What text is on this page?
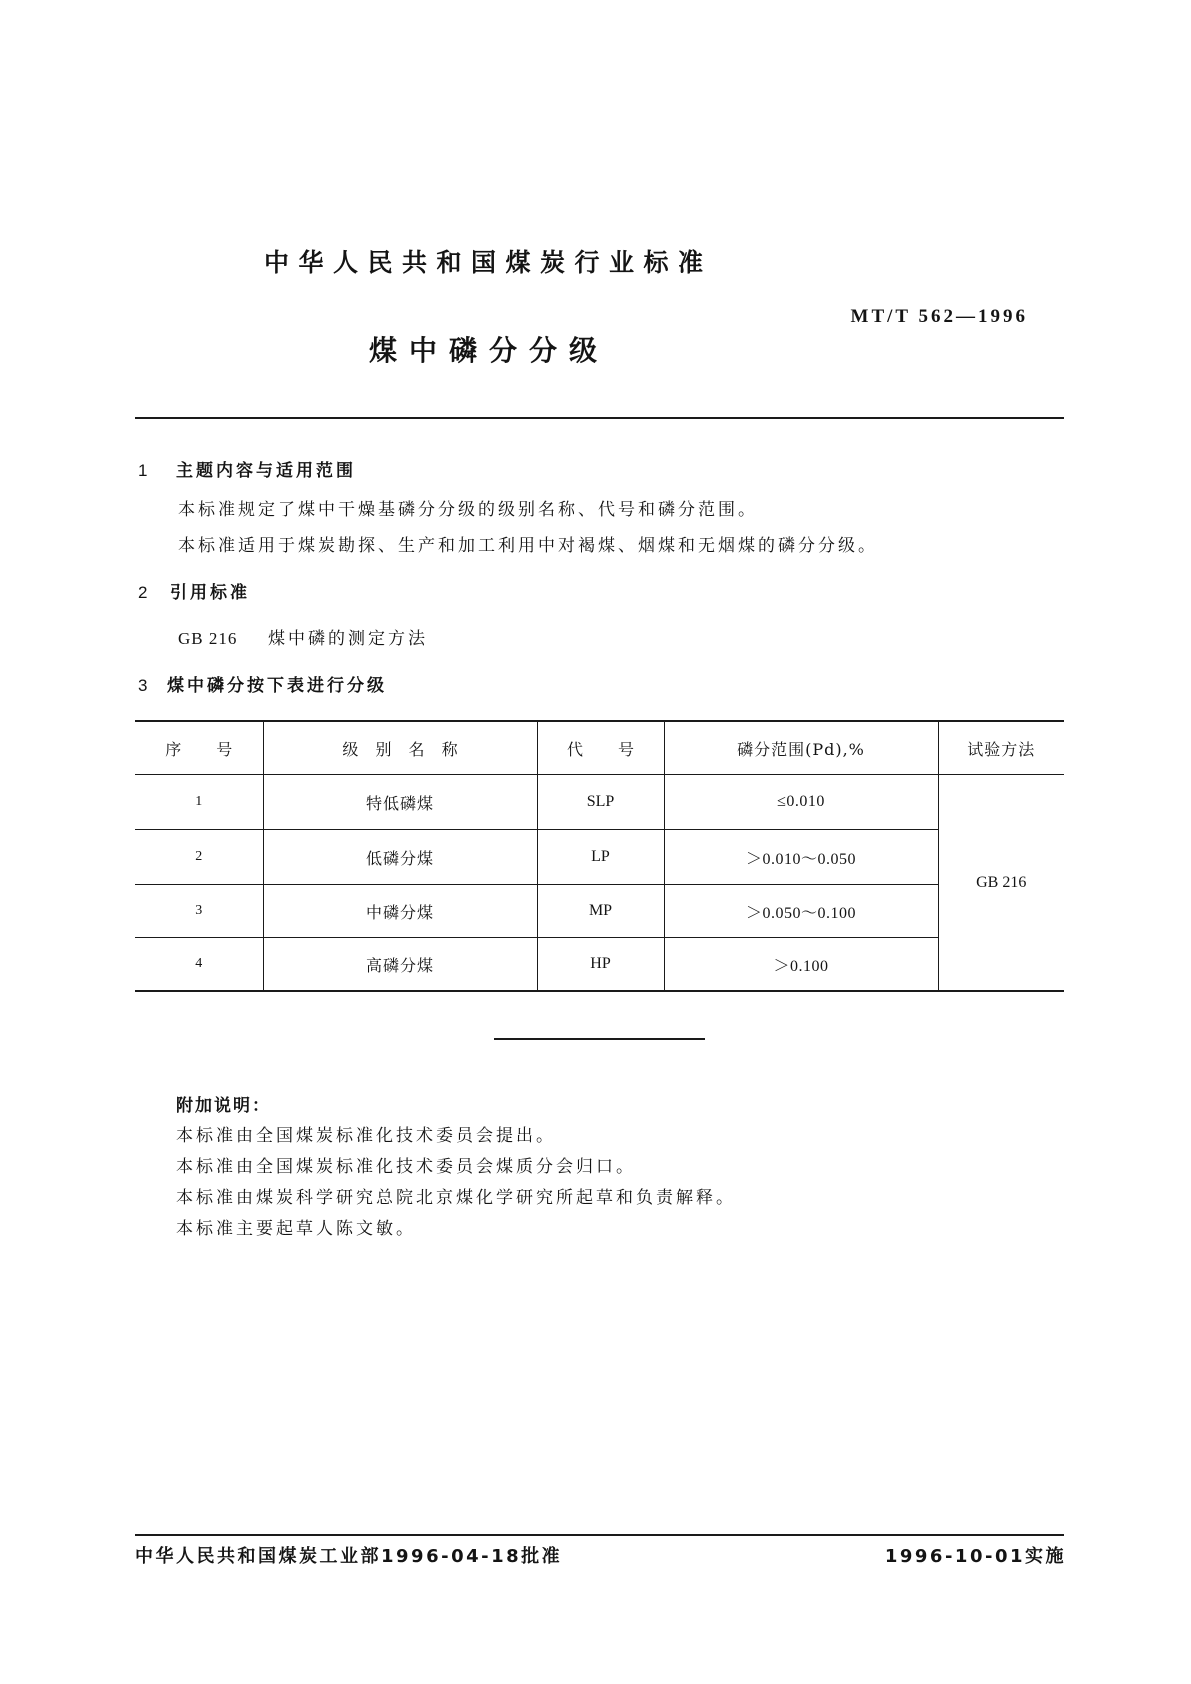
中华人民共和国煤炭行业标准
MT/T 562—1996
煤中磷分分级
1 主题内容与适用范围
本标准规定了煤中干燥基磷分分级的级别名称、代号和磷分范围。
本标准适用于煤炭勘探、生产和加工利用中对褐煤、烟煤和无烟煤的磷分分级。
2 引用标准
GB 216 煤中磷的测定方法
3 煤中磷分按下表进行分级
序 号	级 别 名 称	代 号	磷分范围(Pd),%	试验方法
1	特低磷煤	SLP	≤0.010	GB 216
2	低磷分煤	LP	＞0.010～0.050	
3	中磷分煤	MP	＞0.050～0.100	
4	高磷分煤	HP	＞0.100	
附加说明：
本标准由全国煤炭标准化技术委员会提出。
本标准由全国煤炭标准化技术委员会煤质分会归口。
本标准由煤炭科学研究总院北京煤化学研究所起草和负责解释。
本标准主要起草人陈文敏。
中华人民共和国煤炭工业部1996-04-18批准	1996-10-01实施
